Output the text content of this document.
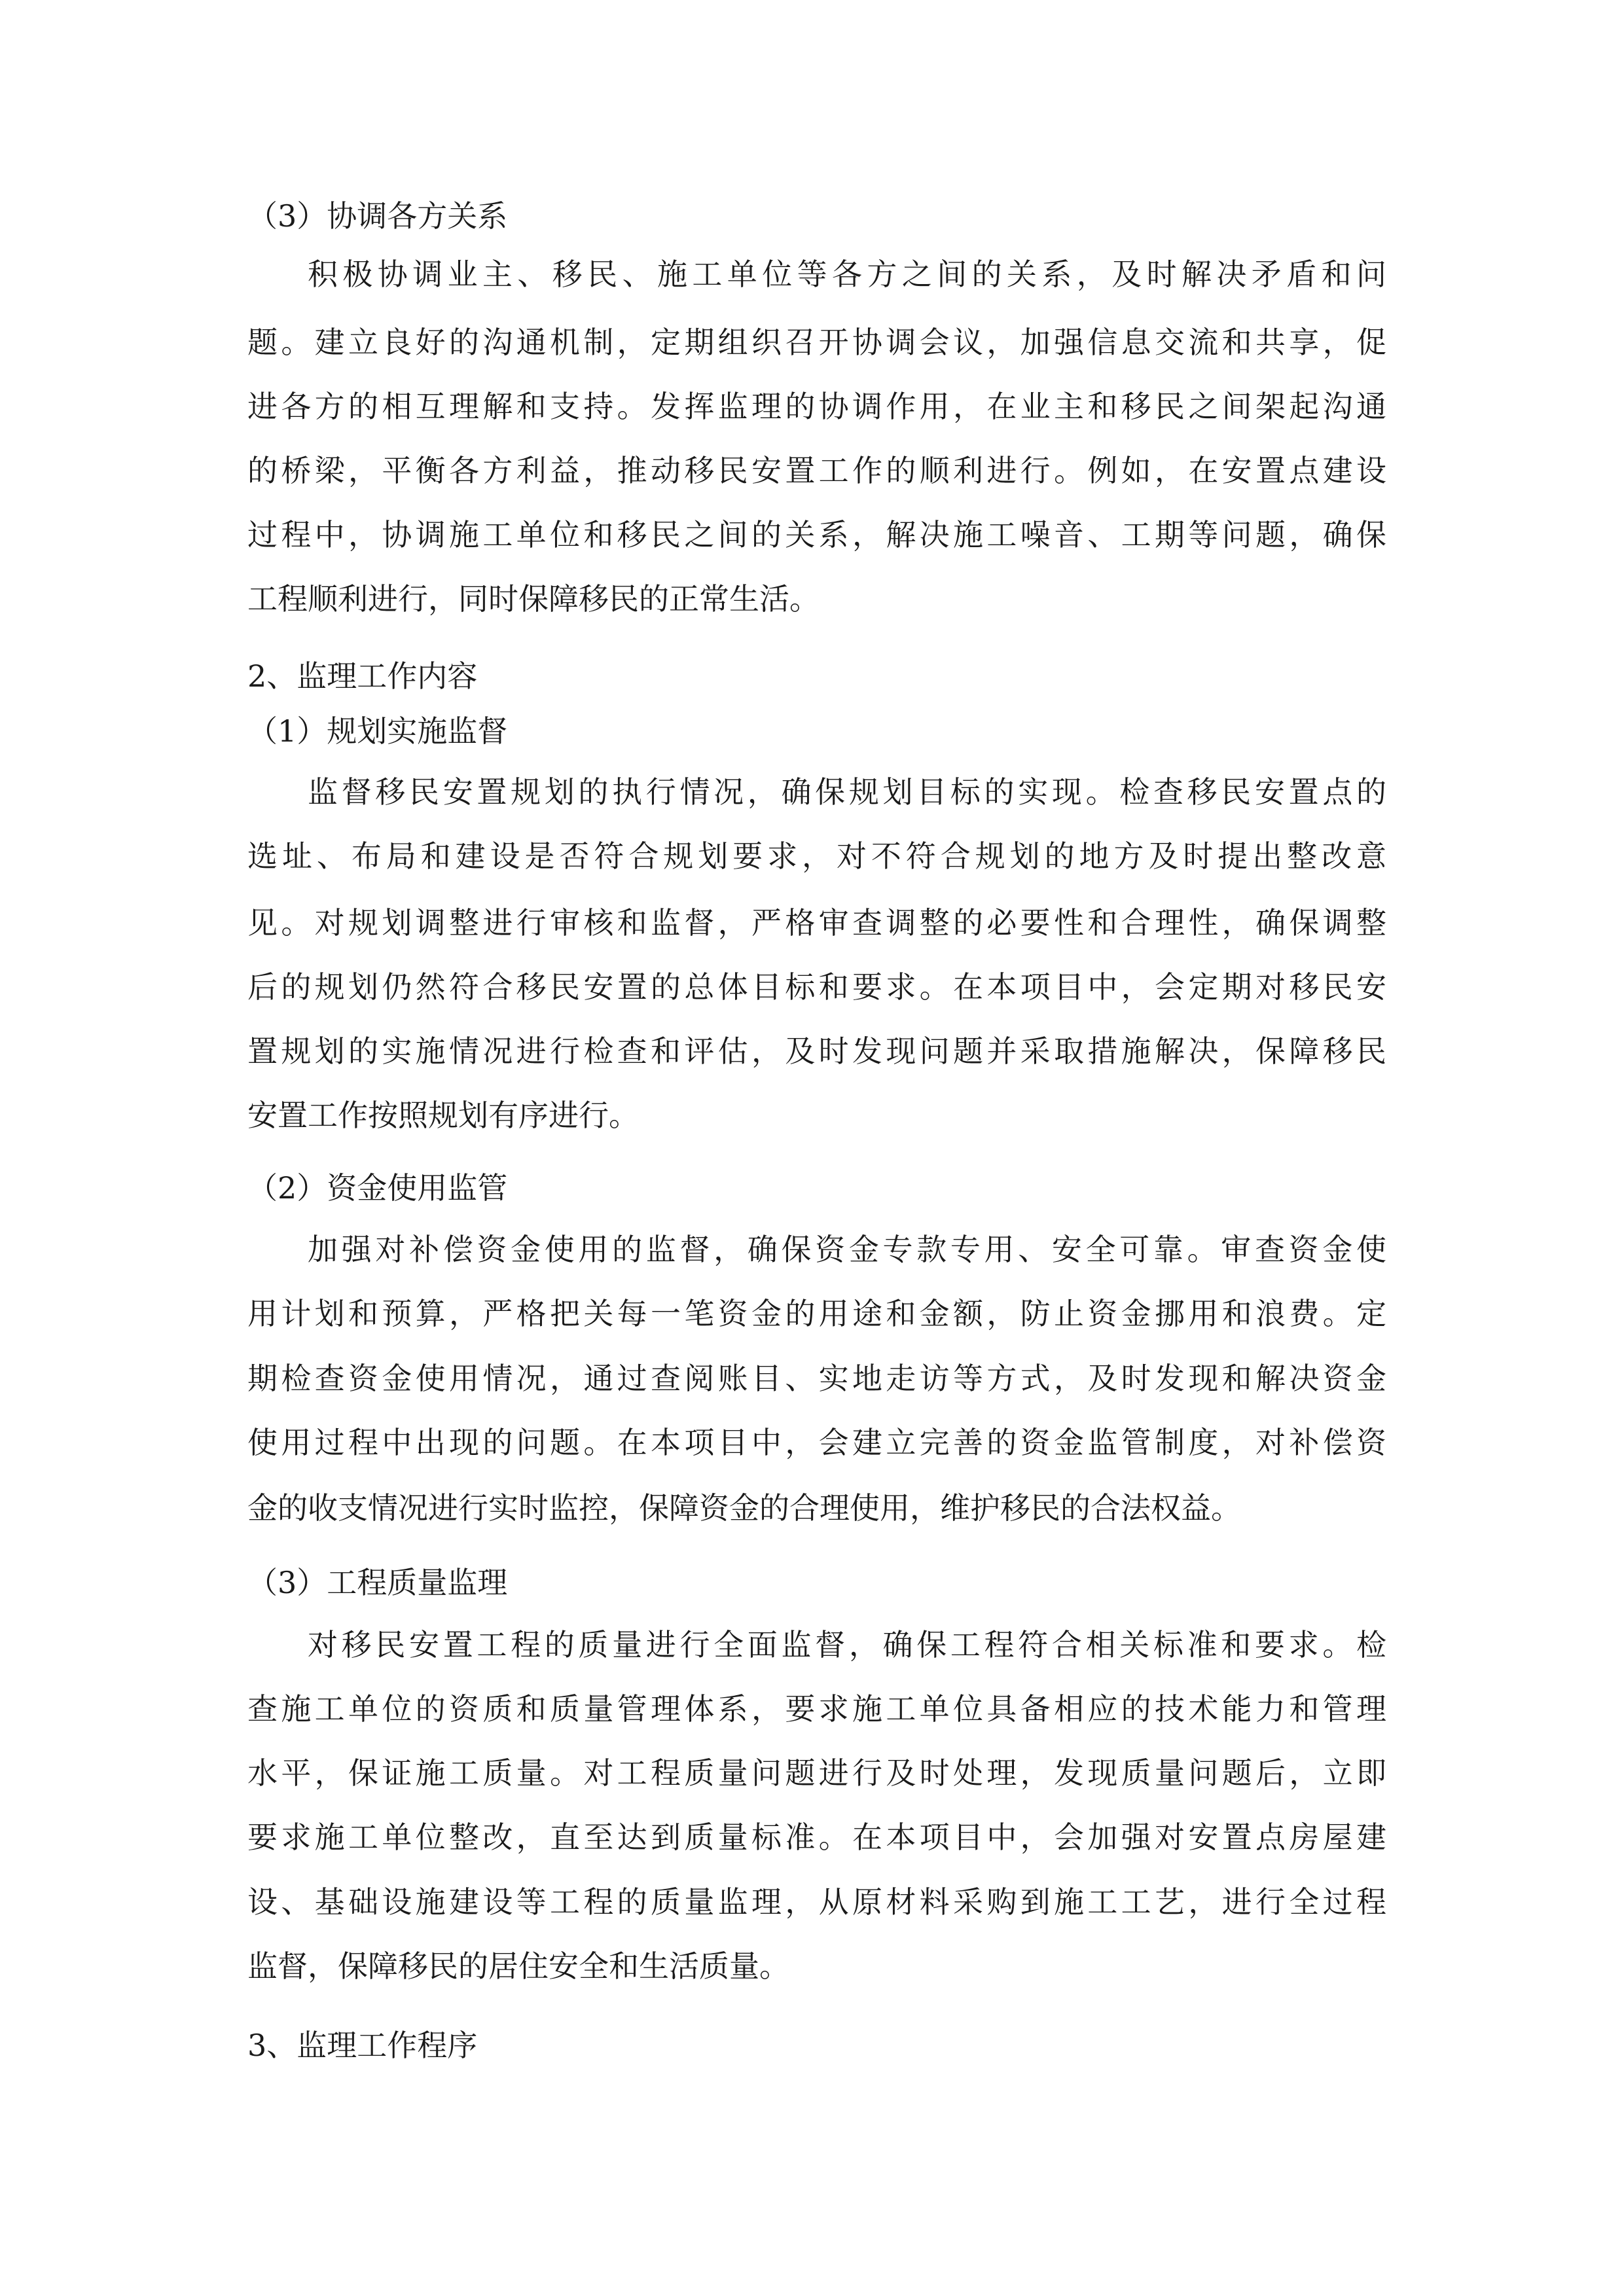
（3）协调各方关系
积极协调业主、移民、施工单位等各方之间的关系，及时解决矛盾和问
题。建立良好的沟通机制，定期组织召开协调会议，加强信息交流和共享，促
进各方的相互理解和支持。发挥监理的协调作用，在业主和移民之间架起沟通
的桥梁，平衡各方利益，推动移民安置工作的顺利进行。例如，在安置点建设
过程中，协调施工单位和移民之间的关系，解决施工噪音、工期等问题，确保
工程顺利进行，同时保障移民的正常生活。
2、监理工作内容
（1）规划实施监督
监督移民安置规划的执行情况，确保规划目标的实现。检查移民安置点的
选址、布局和建设是否符合规划要求，对不符合规划的地方及时提出整改意
见。对规划调整进行审核和监督，严格审查调整的必要性和合理性，确保调整
后的规划仍然符合移民安置的总体目标和要求。在本项目中，会定期对移民安
置规划的实施情况进行检查和评估，及时发现问题并采取措施解决，保障移民
安置工作按照规划有序进行。
（2）资金使用监管
加强对补偿资金使用的监督，确保资金专款专用、安全可靠。审查资金使
用计划和预算，严格把关每一笔资金的用途和金额，防止资金挪用和浪费。定
期检查资金使用情况，通过查阅账目、实地走访等方式，及时发现和解决资金
使用过程中出现的问题。在本项目中，会建立完善的资金监管制度，对补偿资
金的收支情况进行实时监控，保障资金的合理使用，维护移民的合法权益。
（3）工程质量监理
对移民安置工程的质量进行全面监督，确保工程符合相关标准和要求。检
查施工单位的资质和质量管理体系，要求施工单位具备相应的技术能力和管理
水平，保证施工质量。对工程质量问题进行及时处理，发现质量问题后，立即
要求施工单位整改，直至达到质量标准。在本项目中，会加强对安置点房屋建
设、基础设施建设等工程的质量监理，从原材料采购到施工工艺，进行全过程
监督，保障移民的居住安全和生活质量。
3、监理工作程序
